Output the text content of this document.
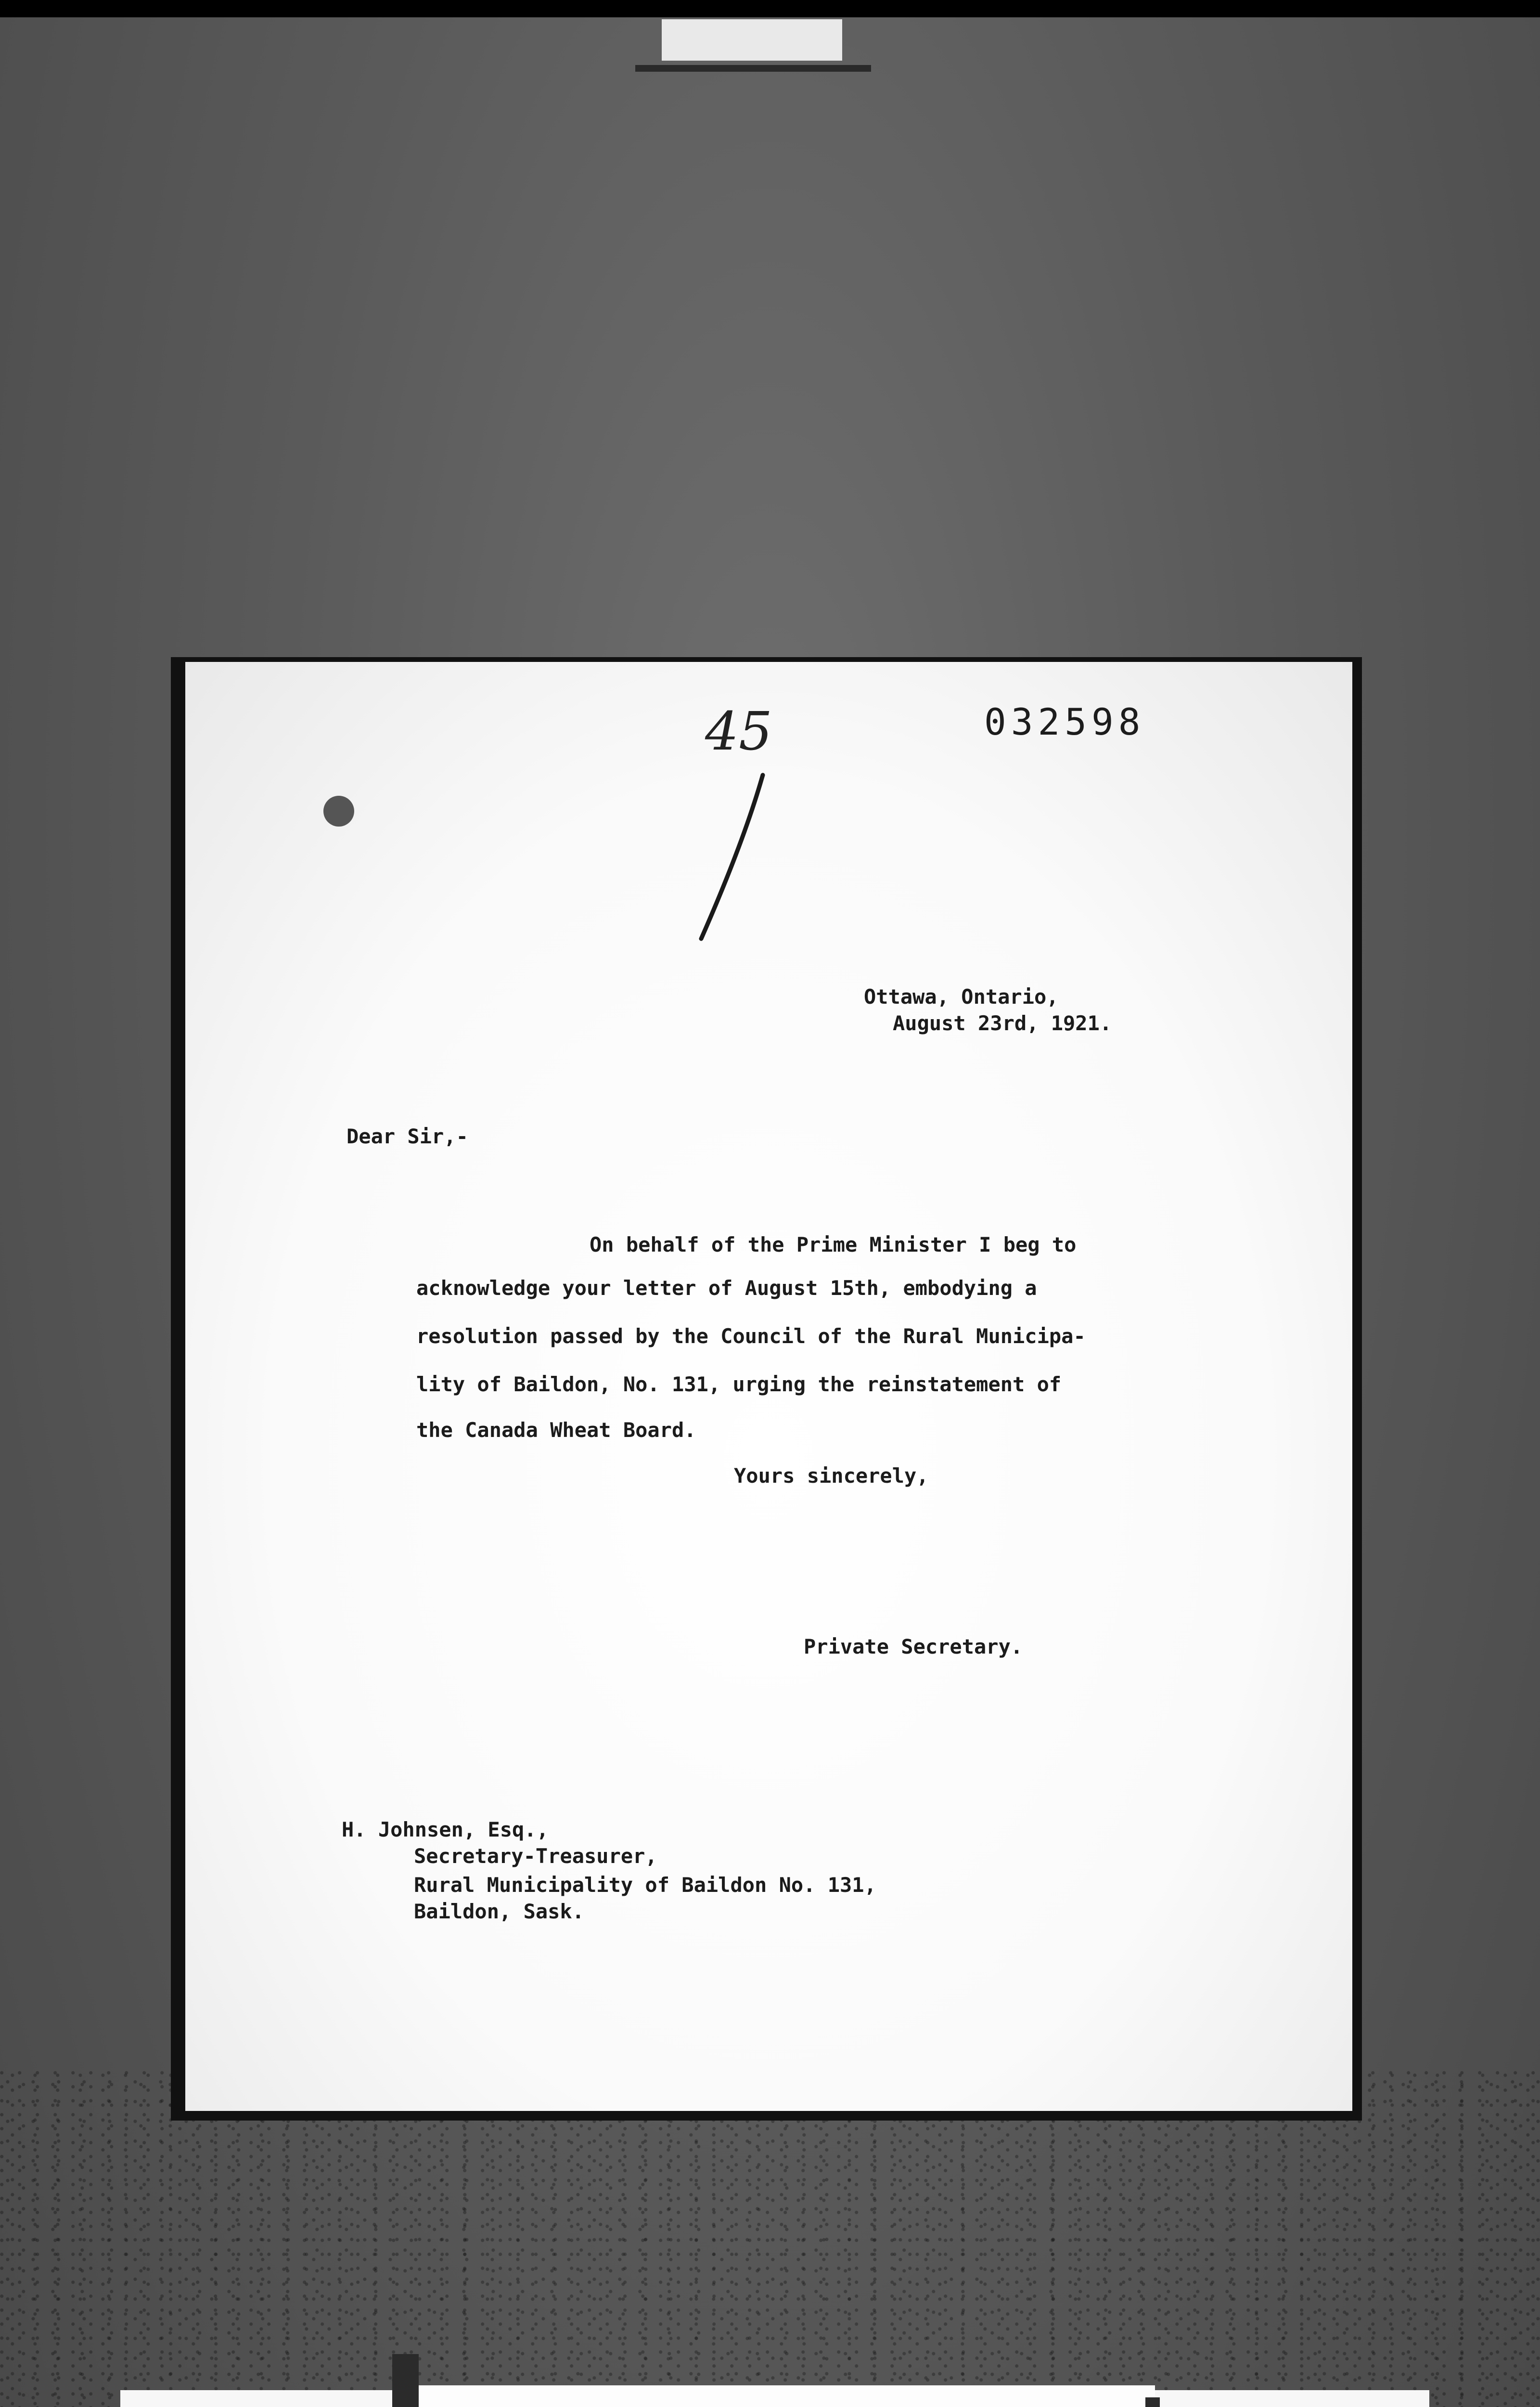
45	032598
Ottawa, Ontario,
August 23rd, 1921.
Dear Sir,-
On behalf of the Prime Minister I beg to
acknowledge your letter of August 15th, embodying a
resolution passed by the Council of the Rural Municipa-
lity of Baildon, No. 131, urging the reinstatement of
the Canada Wheat Board.
Yours sincerely,
Private Secretary.
H. Johnsen, Esq.,
Secretary-Treasurer,
Rural Municipality of Baildon No. 131,
Baildon, Sask.
